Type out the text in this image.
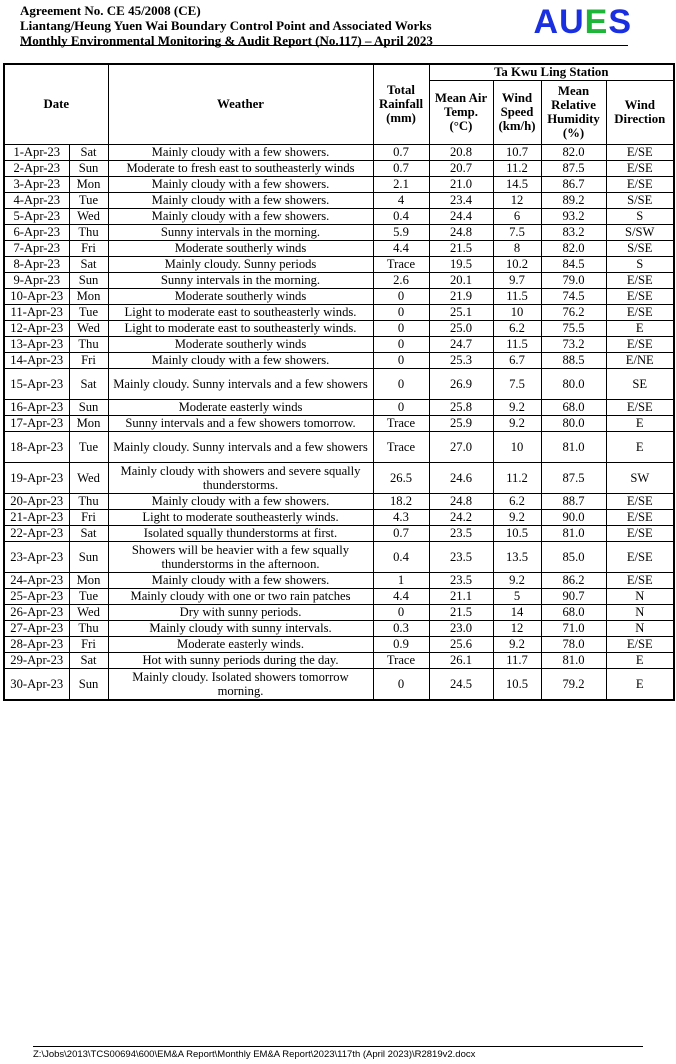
Agreement No. CE 45/2008 (CE)
Liantang/Heung Yuen Wai Boundary Control Point and Associated Works
Monthly Environmental Monitoring & Audit Report (No.117) – April 2023	AUES
Date		Weather	Total Rainfall (mm)	Ta Kwu Ling Station			
				Mean Air Temp. (°C)	Wind Speed (km/h)	Mean Relative Humidity (%)	Wind Direction
1-Apr-23	Sat	Mainly cloudy with a few showers.	0.7	20.8	10.7	82.0	E/SE
2-Apr-23	Sun	Moderate to fresh east to southeasterly winds	0.7	20.7	11.2	87.5	E/SE
3-Apr-23	Mon	Mainly cloudy with a few showers.	2.1	21.0	14.5	86.7	E/SE
4-Apr-23	Tue	Mainly cloudy with a few showers.	4	23.4	12	89.2	S/SE
5-Apr-23	Wed	Mainly cloudy with a few showers.	0.4	24.4	6	93.2	S
6-Apr-23	Thu	Sunny intervals in the morning.	5.9	24.8	7.5	83.2	S/SW
7-Apr-23	Fri	Moderate southerly winds	4.4	21.5	8	82.0	S/SE
8-Apr-23	Sat	Mainly cloudy. Sunny periods	Trace	19.5	10.2	84.5	S
9-Apr-23	Sun	Sunny intervals in the morning.	2.6	20.1	9.7	79.0	E/SE
10-Apr-23	Mon	Moderate southerly winds	0	21.9	11.5	74.5	E/SE
11-Apr-23	Tue	Light to moderate east to southeasterly winds.	0	25.1	10	76.2	E/SE
12-Apr-23	Wed	Light to moderate east to southeasterly winds.	0	25.0	6.2	75.5	E
13-Apr-23	Thu	Moderate southerly winds	0	24.7	11.5	73.2	E/SE
14-Apr-23	Fri	Mainly cloudy with a few showers.	0	25.3	6.7	88.5	E/NE
15-Apr-23	Sat	Mainly cloudy. Sunny intervals and a few showers	0	26.9	7.5	80.0	SE
16-Apr-23	Sun	Moderate easterly winds	0	25.8	9.2	68.0	E/SE
17-Apr-23	Mon	Sunny intervals and a few showers tomorrow.	Trace	25.9	9.2	80.0	E
18-Apr-23	Tue	Mainly cloudy. Sunny intervals and a few showers	Trace	27.0	10	81.0	E
19-Apr-23	Wed	Mainly cloudy with showers and severe squally thunderstorms.	26.5	24.6	11.2	87.5	SW
20-Apr-23	Thu	Mainly cloudy with a few showers.	18.2	24.8	6.2	88.7	E/SE
21-Apr-23	Fri	Light to moderate southeasterly winds.	4.3	24.2	9.2	90.0	E/SE
22-Apr-23	Sat	Isolated squally thunderstorms at first.	0.7	23.5	10.5	81.0	E/SE
23-Apr-23	Sun	Showers will be heavier with a few squally thunderstorms in the afternoon.	0.4	23.5	13.5	85.0	E/SE
24-Apr-23	Mon	Mainly cloudy with a few showers.	1	23.5	9.2	86.2	E/SE
25-Apr-23	Tue	Mainly cloudy with one or two rain patches	4.4	21.1	5	90.7	N
26-Apr-23	Wed	Dry with sunny periods.	0	21.5	14	68.0	N
27-Apr-23	Thu	Mainly cloudy with sunny intervals.	0.3	23.0	12	71.0	N
28-Apr-23	Fri	Moderate easterly winds.	0.9	25.6	9.2	78.0	E/SE
29-Apr-23	Sat	Hot with sunny periods during the day.	Trace	26.1	11.7	81.0	E
30-Apr-23	Sun	Mainly cloudy. Isolated showers tomorrow morning.	0	24.5	10.5	79.2	E
Z:\Jobs\2013\TCS00694\600\EM&A Report\Monthly EM&A Report\2023\117th (April 2023)\R2819v2.docx
